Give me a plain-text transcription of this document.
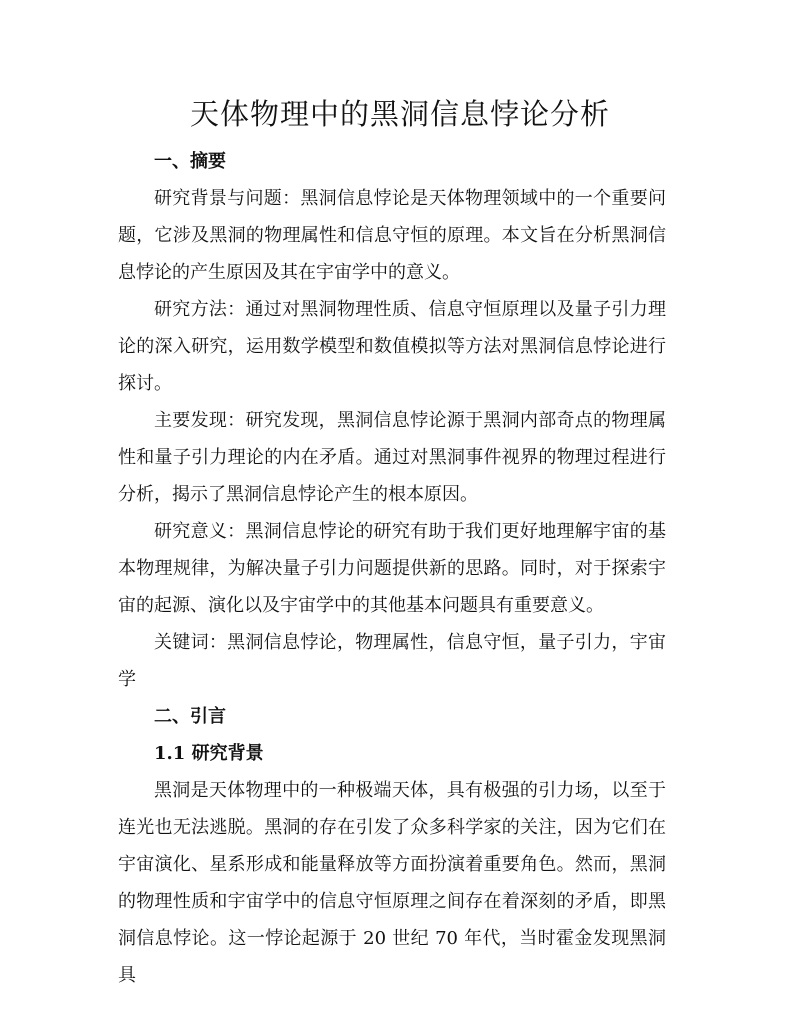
天体物理中的黑洞信息悖论分析
一、摘要

研究背景与问题：黑洞信息悖论是天体物理领域中的一个重要问题，它涉及黑洞的物理属性和信息守恒的原理。本文旨在分析黑洞信息悖论的产生原因及其在宇宙学中的意义。

研究方法：通过对黑洞物理性质、信息守恒原理以及量子引力理论的深入研究，运用数学模型和数值模拟等方法对黑洞信息悖论进行探讨。

主要发现：研究发现，黑洞信息悖论源于黑洞内部奇点的物理属性和量子引力理论的内在矛盾。通过对黑洞事件视界的物理过程进行分析，揭示了黑洞信息悖论产生的根本原因。

研究意义：黑洞信息悖论的研究有助于我们更好地理解宇宙的基本物理规律，为解决量子引力问题提供新的思路。同时，对于探索宇宙的起源、演化以及宇宙学中的其他基本问题具有重要意义。

关键词：黑洞信息悖论，物理属性，信息守恒，量子引力，宇宙学

二、引言
1.1 研究背景

黑洞是天体物理中的一种极端天体，具有极强的引力场，以至于连光也无法逃脱。黑洞的存在引发了众多科学家的关注，因为它们在宇宙演化、星系形成和能量释放等方面扮演着重要角色。然而，黑洞的物理性质和宇宙学中的信息守恒原理之间存在着深刻的矛盾，即黑洞信息悖论。这一悖论起源于 20 世纪 70 年代，当时霍金发现黑洞具
